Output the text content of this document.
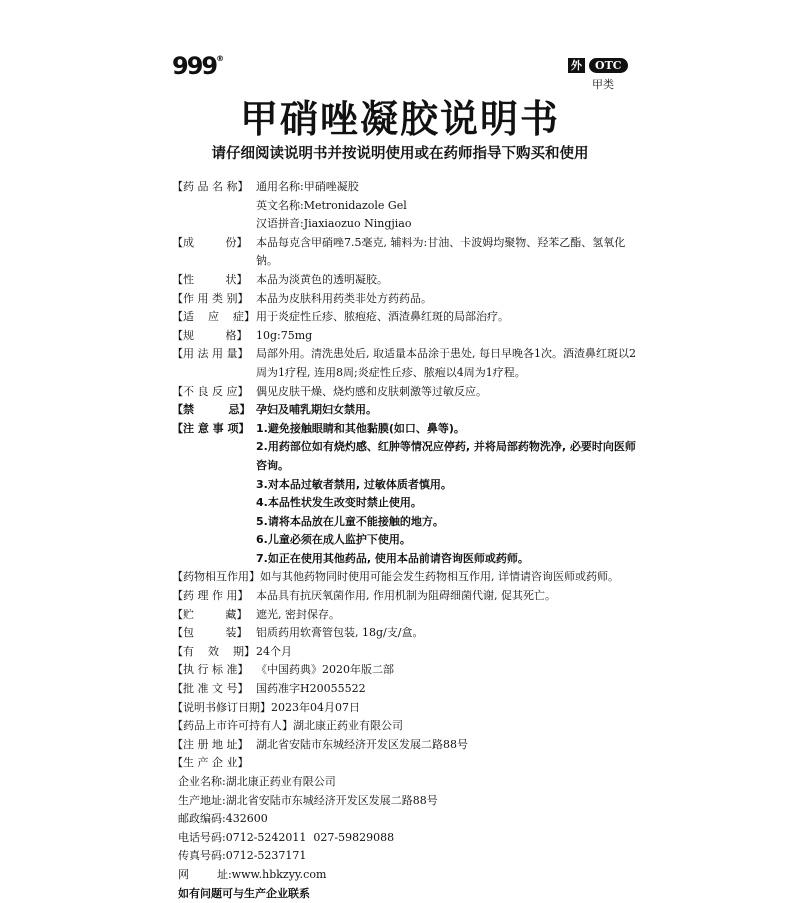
999®
外	OTC
甲类
甲硝唑凝胶说明书
请仔细阅读说明书并按说明使用或在药师指导下购买和使用
【药 品 名 称】 通用名称:甲硝唑凝胶
英文名称:Metronidazole Gel
汉语拼音:Jiaxiaozuo Ningjiao
【成         份】 本品每克含甲硝唑7.5毫克, 辅料为:甘油、卡波姆均聚物、羟苯乙酯、氢氧化钠。
【性         状】 本品为淡黄色的透明凝胶。
【作 用 类 别】 本品为皮肤科用药类非处方药药品。
【适    应    症】 用于炎症性丘疹、脓疱疮、酒渣鼻红斑的局部治疗。
【规         格】 10g:75mg
【用 法 用 量】 局部外用。清洗患处后, 取适量本品涂于患处, 每日早晚各1次。酒渣鼻红斑以2
周为1疗程, 连用8周;炎症性丘疹、脓疱以4周为1疗程。
【不 良 反 应】 偶见皮肤干燥、烧灼感和皮肤刺激等过敏反应。
【禁         忌】 孕妇及哺乳期妇女禁用。
【注 意 事 项】 1.避免接触眼睛和其他黏膜(如口、鼻等)。
2.用药部位如有烧灼感、红肿等情况应停药, 并将局部药物洗净, 必要时向医师
咨询。
3.对本品过敏者禁用, 过敏体质者慎用。
4.本品性状发生改变时禁止使用。
5.请将本品放在儿童不能接触的地方。
6.儿童必须在成人监护下使用。
7.如正在使用其他药品, 使用本品前请咨询医师或药师。
【药物相互作用】 如与其他药物同时使用可能会发生药物相互作用, 详情请咨询医师或药师。
【药 理 作 用】 本品具有抗厌氧菌作用, 作用机制为阻碍细菌代谢, 促其死亡。
【贮         藏】 遮光, 密封保存。
【包         装】 铝质药用软膏管包装, 18g/支/盒。
【有    效    期】 24个月
【执 行 标 准】 《中国药典》2020年版二部
【批 准 文 号】 国药准字H20055522
【说明书修订日期】 2023年04月07日
【药品上市许可持有人】 湖北康正药业有限公司
【注 册 地 址】 湖北省安陆市东城经济开发区发展二路88号
【生 产 企 业】
企业名称:湖北康正药业有限公司
生产地址:湖北省安陆市东城经济开发区发展二路88号
邮政编码:432600
电话号码:0712-5242011  027-59829088
传真号码:0712-5237171
网        址:www.hbkzyy.com
如有问题可与生产企业联系
